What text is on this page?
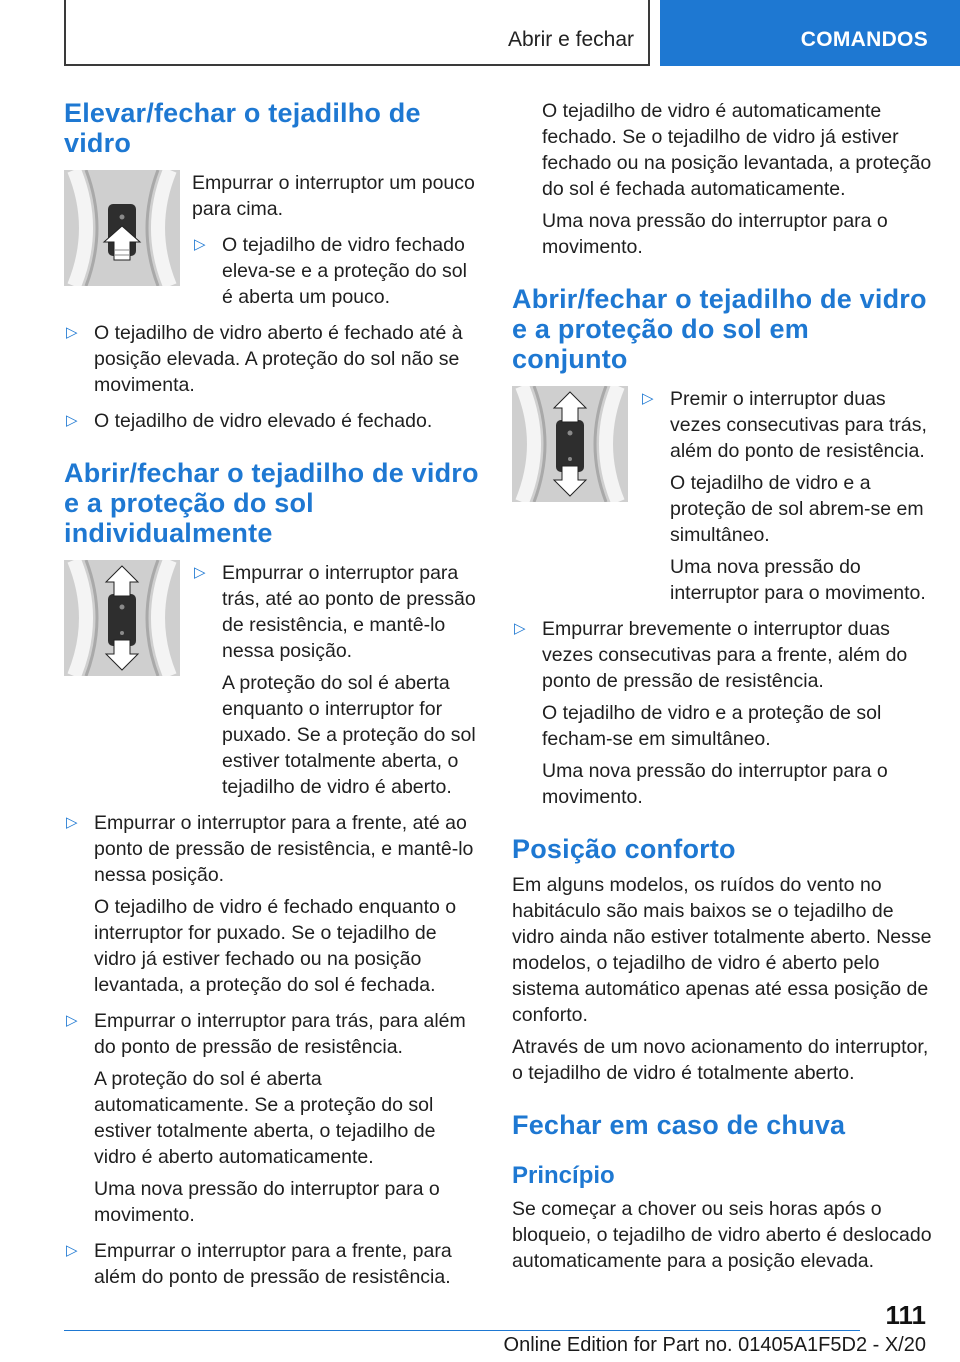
Abrir e fechar	COMANDOS
Elevar/fechar o tejadilho de vidro

Empurrar o interruptor um pouco para cima.

▷ O tejadilho de vidro fechado eleva-se e a proteção do sol é aberta um pouco.

▷ O tejadilho de vidro aberto é fechado até à posição elevada. A proteção do sol não se movimenta.

▷ O tejadilho de vidro elevado é fechado.

Abrir/fechar o tejadilho de vidro e a proteção do sol individualmente
▷ Empurrar o interruptor para trás, até ao ponto de pressão de resistência, e mantê-lo nessa posição.

A proteção do sol é aberta enquanto o interruptor for puxado. Se a proteção do sol estiver totalmente aberta, o tejadilho de vidro é aberto.

▷ Empurrar o interruptor para a frente, até ao ponto de pressão de resistência, e mantê-lo nessa posição.

O tejadilho de vidro é fechado enquanto o interruptor for puxado. Se o tejadilho de vidro já estiver fechado ou na posição levantada, a proteção do sol é fechada.

▷ Empurrar o interruptor para trás, para além do ponto de pressão de resistência.

A proteção do sol é aberta automaticamente. Se a proteção do sol estiver totalmente aberta, o tejadilho de vidro é aberto automaticamente.

Uma nova pressão do interruptor para o movimento.

▷ Empurrar o interruptor para a frente, para além do ponto de pressão de resistência.

O tejadilho de vidro é automaticamente fechado. Se o tejadilho de vidro já estiver fechado ou na posição levantada, a proteção do sol é fechada automaticamente.

Uma nova pressão do interruptor para o movimento.

Abrir/fechar o tejadilho de vidro e a proteção do sol em conjunto
▷ Premir o interruptor duas vezes consecutivas para trás, além do ponto de resistência.

O tejadilho de vidro e a proteção de sol abrem-se em simultâneo.

Uma nova pressão do interruptor para o movimento.

▷ Empurrar brevemente o interruptor duas vezes consecutivas para a frente, além do ponto de pressão de resistência.

O tejadilho de vidro e a proteção de sol fecham-se em simultâneo.

Uma nova pressão do interruptor para o movimento.

Posição conforto

Em alguns modelos, os ruídos do vento no habitáculo são mais baixos se o tejadilho de vidro ainda não estiver totalmente aberto. Nesse modelos, o tejadilho de vidro é aberto pelo sistema automático apenas até essa posição de conforto.

Através de um novo acionamento do interruptor, o tejadilho de vidro é totalmente aberto.

Fechar em caso de chuva
Princípio

Se começar a chover ou seis horas após o bloqueio, o tejadilho de vidro aberto é deslocado automaticamente para a posição elevada.

111
Online Edition for Part no. 01405A1F5D2 - X/20
